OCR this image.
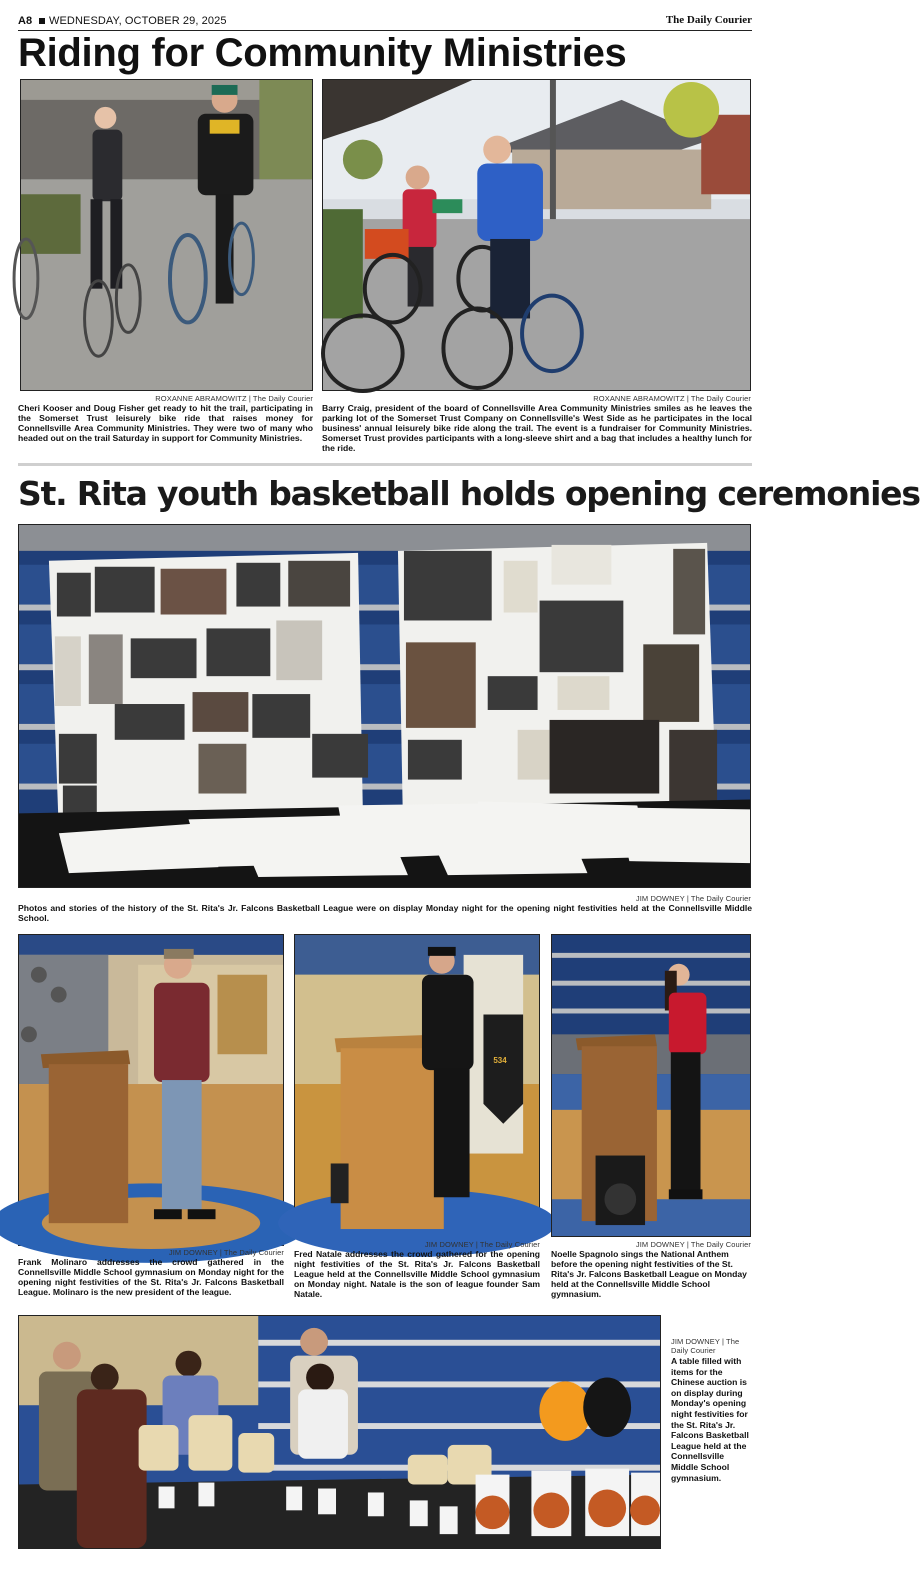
A8 WEDNESDAY, OCTOBER 29, 2025	The Daily Courier
Riding for Community Ministries
ROXANNE ABRAMOWITZ | The Daily Courier
Cheri Kooser and Doug Fisher get ready to hit the trail, participating in the Somerset Trust leisurely bike ride that raises money for Connellsville Area Community Ministries. They were two of many who headed out on the trail Saturday in support for Community Ministries.
ROXANNE ABRAMOWITZ | The Daily Courier
Barry Craig, president of the board of Connellsville Area Community Ministries smiles as he leaves the parking lot of the Somerset Trust Company on Connellsville's West Side as he participates in the local business' annual leisurely bike ride along the trail. The event is a fundraiser for Community Ministries. Somerset Trust provides participants with a long-sleeve shirt and a bag that includes a healthy lunch for the ride.
St. Rita youth basketball holds opening ceremonies
JIM DOWNEY | The Daily Courier
Photos and stories of the history of the St. Rita's Jr. Falcons Basketball League were on display Monday night for the opening night festivities held at the Connellsville Middle School.
JIM DOWNEY | The Daily Courier
Frank Molinaro addresses the crowd gathered in the Connellsville Middle School gymnasium on Monday night for the opening night festivities of the St. Rita's Jr. Falcons Basketball League. Molinaro is the new president of the league.
534
JIM DOWNEY | The Daily Courier
Fred Natale addresses the crowd gathered for the opening night festivities of the St. Rita's Jr. Falcons Basketball League held at the Connellsville Middle School gymnasium on Monday night. Natale is the son of league founder Sam Natale.
JIM DOWNEY | The Daily Courier
Noelle Spagnolo sings the National Anthem before the opening night festivities of the St. Rita's Jr. Falcons Basketball League on Monday held at the Connellsville Middle School gymnasium.
JIM DOWNEY | The Daily Courier
A table filled with items for the Chinese auction is on display during Monday's opening night festivities for the St. Rita's Jr. Falcons Basketball League held at the Connellsville Middle School gymnasium.
